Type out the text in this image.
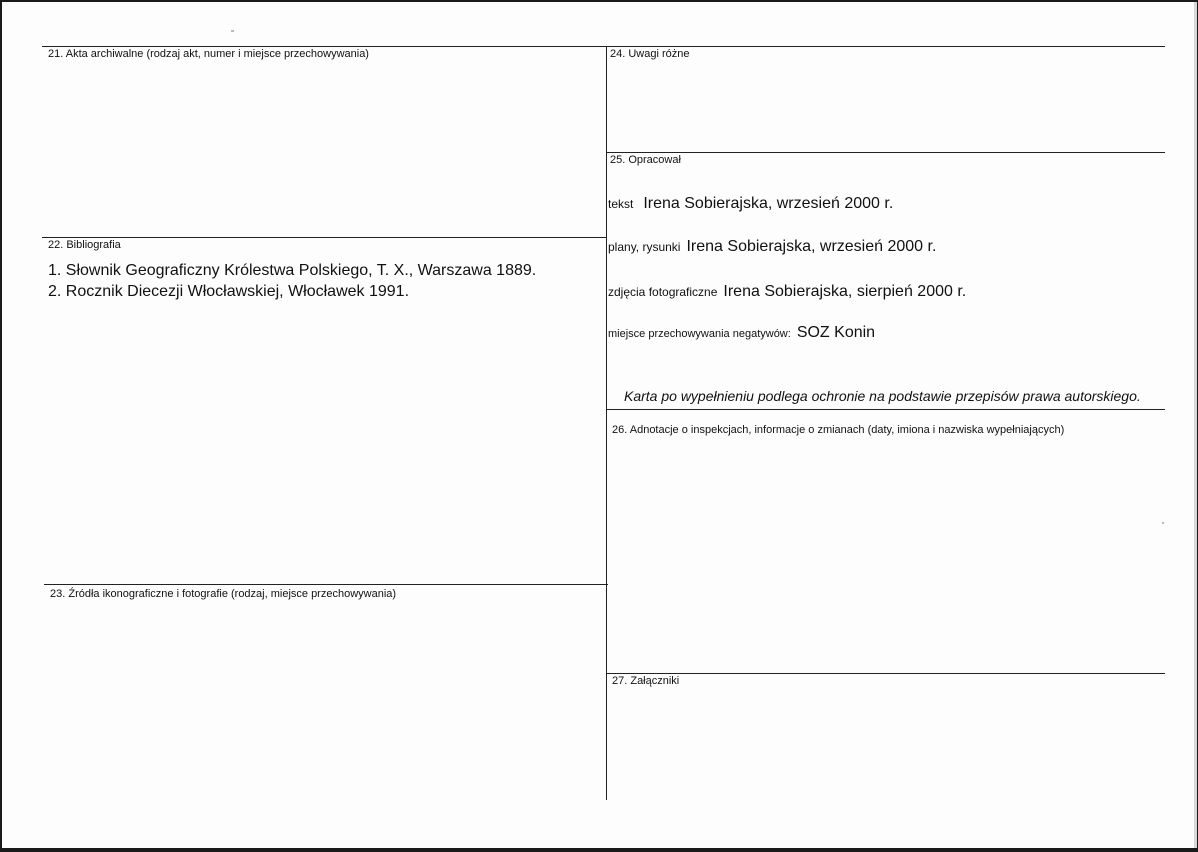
21. Akta archiwalne (rodzaj akt, numer i miejsce przechowywania)
22. Bibliografia
1. Słownik Geograficzny Królestwa Polskiego, T. X., Warszawa 1889.
2. Rocznik Diecezji Włocławskiej, Włocławek 1991.
23. Źródła ikonograficzne i fotografie (rodzaj, miejsce przechowywania)
24. Uwagi różne
25. Opracował
tekst Irena Sobierajska, wrzesień 2000 r.
plany, rysunki Irena Sobierajska, wrzesień 2000 r.
zdjęcia fotograficzne Irena Sobierajska, sierpień 2000 r.
miejsce przechowywania negatywów: SOZ Konin
Karta po wypełnieniu podlega ochronie na podstawie przepisów prawa autorskiego.
26. Adnotacje o inspekcjach, informacje o zmianach (daty, imiona i nazwiska wypełniających)
27. Załączniki
